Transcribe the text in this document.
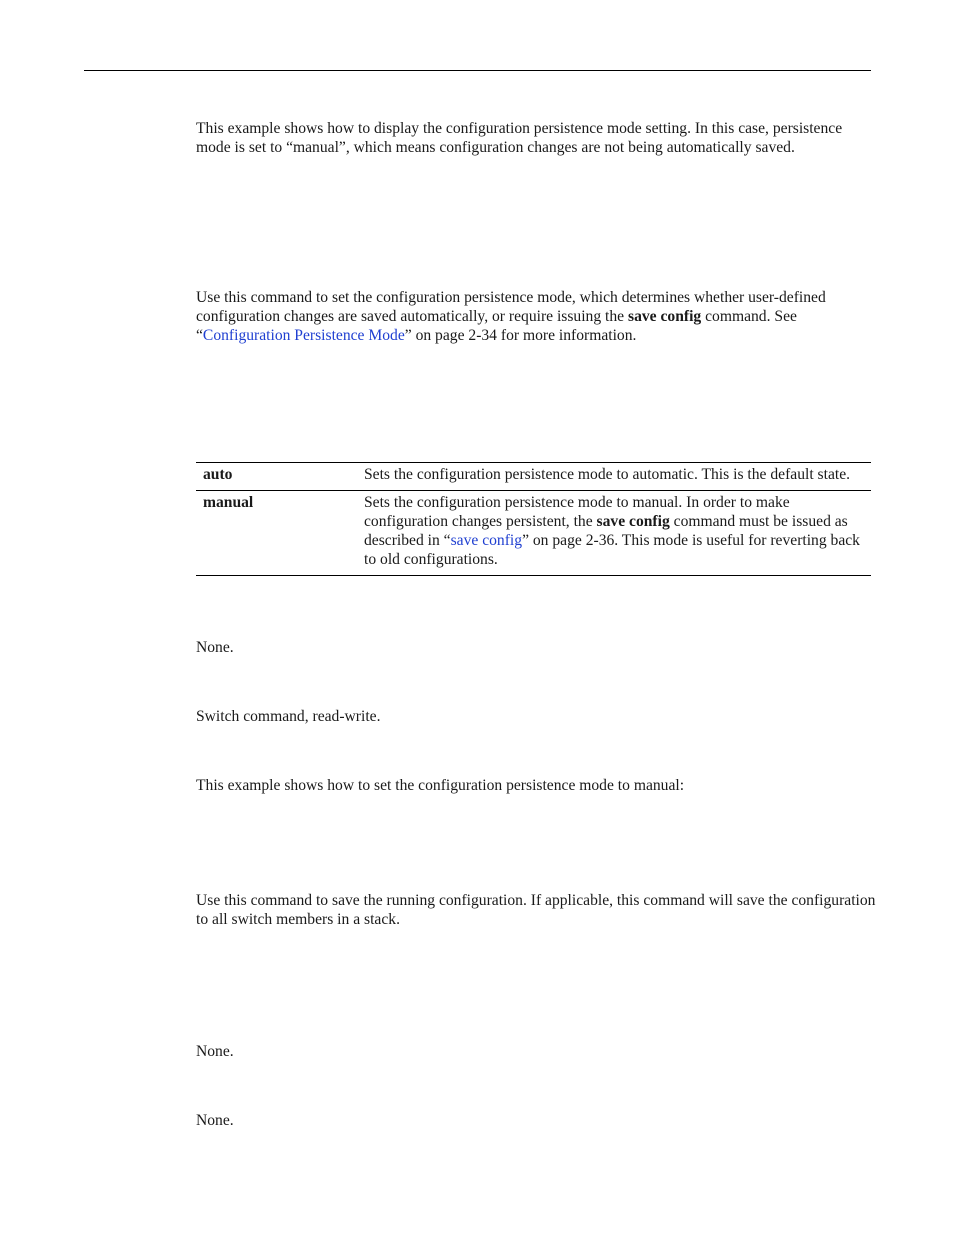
This example shows how to display the configuration persistence mode setting. In this case, persistence mode is set to “manual”, which means configuration changes are not being automatically saved.

Use this command to set the configuration persistence mode, which determines whether user-defined configuration changes are saved automatically, or require issuing the save config command. See “Configuration Persistence Mode” on page 2-34 for more information.

auto	Sets the configuration persistence mode to automatic. This is the default state.
manual	Sets the configuration persistence mode to manual. In order to make configuration changes persistent, the save config command must be issued as described in “save config” on page 2-36. This mode is useful for reverting back to old configurations.

None.

Switch command, read-write.

This example shows how to set the configuration persistence mode to manual:

Use this command to save the running configuration. If applicable, this command will save the configuration to all switch members in a stack.

None.

None.
